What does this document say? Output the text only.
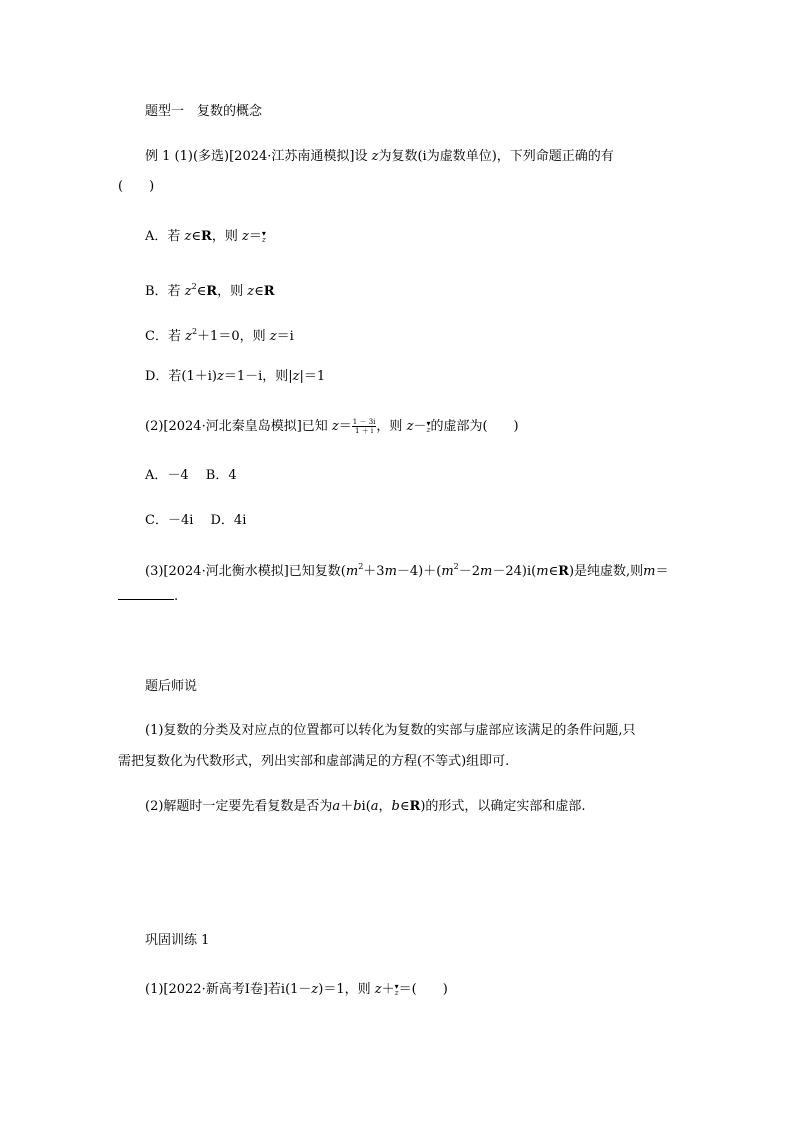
题型一　复数的概念
例 1 (1)(多选)[2024·江苏南通模拟]设 z为复数(i为虚数单位)，下列命题正确的有
(　　)
A．若 z∈R，则 z＝ ▾
z
B．若 $z^2\in R$，则 z∈R
C．若 $z^2+1=0$，则 z＝i
D．若(1＋i)z＝1－i，则|z|＝1
(2)[2024·河北秦皇岛模拟]已知 $z= \frac{1 - 3i}{1 + i}$ ，则 z－ ▾
z 的虚部为(　　)
A．－4　 B．4
C．－4i　 D．4i
(3)[2024·河北衡水模拟]已知复数$(m^2+3m-4)+(m^2-2m-24)i(m\in R)$是纯虚数,则m＝
.
题后师说
(1)复数的分类及对应点的位置都可以转化为复数的实部与虚部应该满足的条件问题,只
需把复数化为代数形式，列出实部和虚部满足的方程(不等式)组即可.
(2)解题时一定要先看复数是否为a＋bi(a，b∈R)的形式，以确定实部和虚部.
巩固训练 1
(1)[2022·新高考Ⅰ卷]若i(1－z)＝1，则 z＋ ▾
z ＝(　　)
